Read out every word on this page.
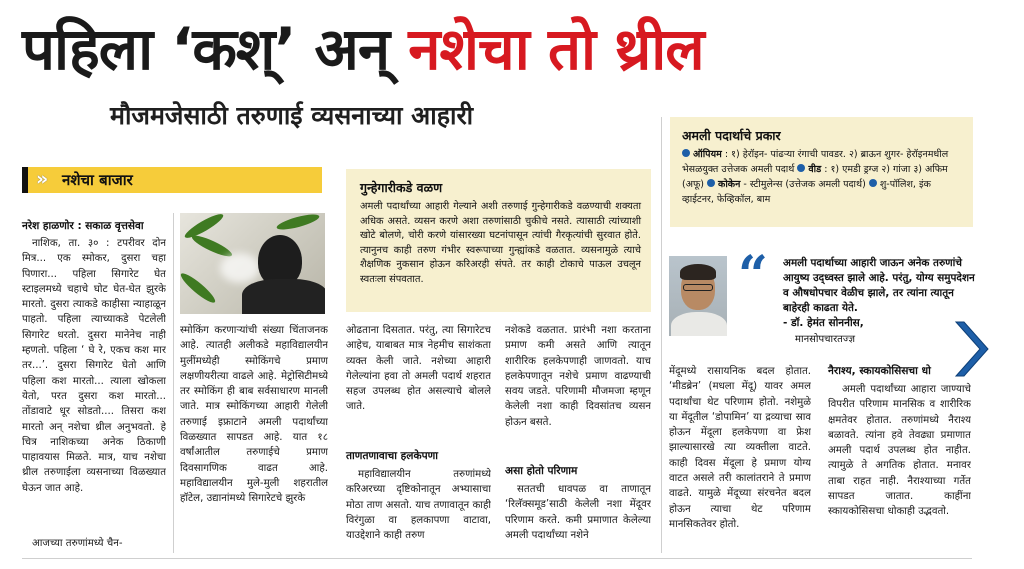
पहिला ‘कश्’ अन् नशेचा तो थ्रील
मौजमजेसाठी तरुणाई व्यसनाच्या आहारी
» नशेचा बाजार
नरेश हाळणोर : सकाळ वृत्तसेवा
नाशिक, ता. ३० : टपरीवर दोन मित्र... एक स्मोकर, दुसरा चहा पिणारा... पहिला सिगारेट घेत स्टाइलमध्ये चहाचे घोट घेत-घेत झुरके मारतो. दुसरा त्याकडे काहीसा न्याहाळून पाहतो. पहिला त्याच्याकडे पेटलेली सिगारेट धरतो. दुसरा मानेनेच नाही म्हणतो. पहिला ‘ घे रे, एकच कश मार तर...’. दुसरा सिगारेट घेतो आणि पहिला कश मारतो... त्याला खोकला येतो, परत दुसरा कश मारतो... तोंडावाटे धूर सोडतो.... तिसरा कश मारतो अन् नशेचा थ्रील अनुभवतो. हे चित्र नाशिकच्या अनेक ठिकाणी पाहावयास मिळते. मात्र, याच नशेचा थ्रील तरुणाईला व्यसनाच्या विळख्यात घेऊन जात आहे.
आजच्या तरुणांमध्ये चैन-
स्मोकिंग करणाऱ्यांची संख्या चिंताजनक आहे. त्यातही अलीकडे महाविद्यालयीन मुलींमध्येही स्मोकिंगचे प्रमाण लक्षणीयरीत्या वाढले आहे. मेट्रोसिटीमध्ये तर स्मोकिंग ही बाब सर्वसाधारण मानली जाते. मात्र स्मोकिंगच्या आहारी गेलेली तरुणाई इफ्राटाने अमली पदार्थांच्या विळख्यात सापडत आहे. यात १८ वर्षांआतील तरुणाईचे प्रमाण दिवसागणिक वाढत आहे. महाविद्यालयीन मुले-मुली शहरातील हॉटेल, उद्यानांमध्ये सिगारेटचे झुरके
गुन्हेगारीकडे वळण

अमली पदार्थांच्या आहारी गेल्याने अशी तरुणाई गुन्हेगारीकडे वळण्याची शक्यता अधिक असते. व्यसन करणे अशा तरुणांसाठी चुकीचे नसते. त्यासाठी त्यांच्याशी खोटे बोलणे, चोरी करणे यांसारख्या घटनांपासून त्यांची गैरकृत्यांची सुरवात होते. त्यानुनच काही तरुण गंभीर स्वरूपाच्या गुन्ह्यांकडे वळतात. व्यसनामुळे त्याचे शैक्षणिक नुकसान होऊन करिअरही संपते. तर काही टोकाचे पाऊल उचलून स्वतःला संपवतात.

ओढताना दिसतात. परंतु, त्या सिगारेटच आहेच, याबाबत मात्र नेहमीच साशंकता व्यक्त केली जाते. नशेच्या आहारी गेलेल्यांना हवा तो अमली पदार्थ शहरात सहज उपलब्ध होत असल्याचे बोलले जाते.
ताणतणावाचा हलकेपणा
महाविद्यालयीन तरुणांमध्ये करिअरच्या दृष्टिकोनातून अभ्यासाचा मोठा ताण असतो. याच तणावातून काही विरंगुळा वा हलकापणा वाटावा, याउद्देशाने काही तरुण
नशेकडे वळतात. प्रारंभी नशा करताना प्रमाण कमी असते आणि त्यातून शारीरिक हलकेपणाही जाणवतो. याच हलकेपणातून नशेचे प्रमाण वाढण्याची सवय जडते. परिणामी मौजमजा म्हणून केलेली नशा काही दिवसांतच व्यसन होऊन बसते.
असा होतो परिणाम
सततची धावपळ वा ताणातून ‘रिलॅक्समूड’साठी केलेली नशा मेंदूवर परिणाम करते. कमी प्रमाणात केलेल्या अमली पदार्थांच्या नशेने
अमली पदार्थाचे प्रकार

ऑपियम : १) हेरॉइन- पांढऱ्या रंगाची पावडर. २) ब्राऊन शुगर- हेरॉइनमधील भेसळयुक्त उत्तेजक अमली पदार्थ वीड : १) एमडी ड्रग्ज २) गांजा ३) अफिम (अफू) कोकेन - स्टीमुलेन्स (उत्तेजक अमली पदार्थ) शु-पॉलिश, इंक व्हाईटनर, फेव्हिकॉल, बाम

“ अमली पदार्थाच्या आहारी जाऊन अनेक तरुणांचे आयुष्य उद्ध्वस्त झाले आहे. परंतु, योग्य समुपदेशन व औषधोपचार वेळीच झाले, तर त्यांना त्यातून बाहेरही काढता येते.
- डॉ. हेमंत सोननीस,
मानसोपचारतज्ज्ञ
मेंदूमध्ये रासायनिक बदल होतात. ‘मीडब्रेन’ (मधला मेंदू) यावर अमल पदार्थांचा थेट परिणाम होतो. नशेमुळे या मेंदूतील ‘डोपामिन’ या द्रव्याचा स्राव होऊन मेंदूला हलकेपणा वा फ्रेश झाल्यासारखे त्या व्यक्तीला वाटते. काही दिवस मेंदूला हे प्रमाण योग्य वाटत असले तरी कालांतराने ते प्रमाण वाढते. यामुळे मेंदूच्या संरचनेत बदल होऊन त्याचा थेट परिणाम मानसिकतेवर होतो.
नैराश्य, स्कायकोसिसचा धो
अमली पदार्थांच्या आहारा जाण्याचे विपरीत परिणाम मानसिक व शारीरिक क्षमतेवर होतात. तरुणांमध्ये नैराश्य बळावते. त्यांना हवे तेवढ्या प्रमाणात अमली पदार्थ उपलब्ध होत नाहीत. त्यामुळे ते अगतिक होतात. मनावर ताबा राहत नाही. नैराश्याच्या गर्तेत सापडत जातात. काहींना स्कायकोसिसचा धोकाही उद्भवतो.
